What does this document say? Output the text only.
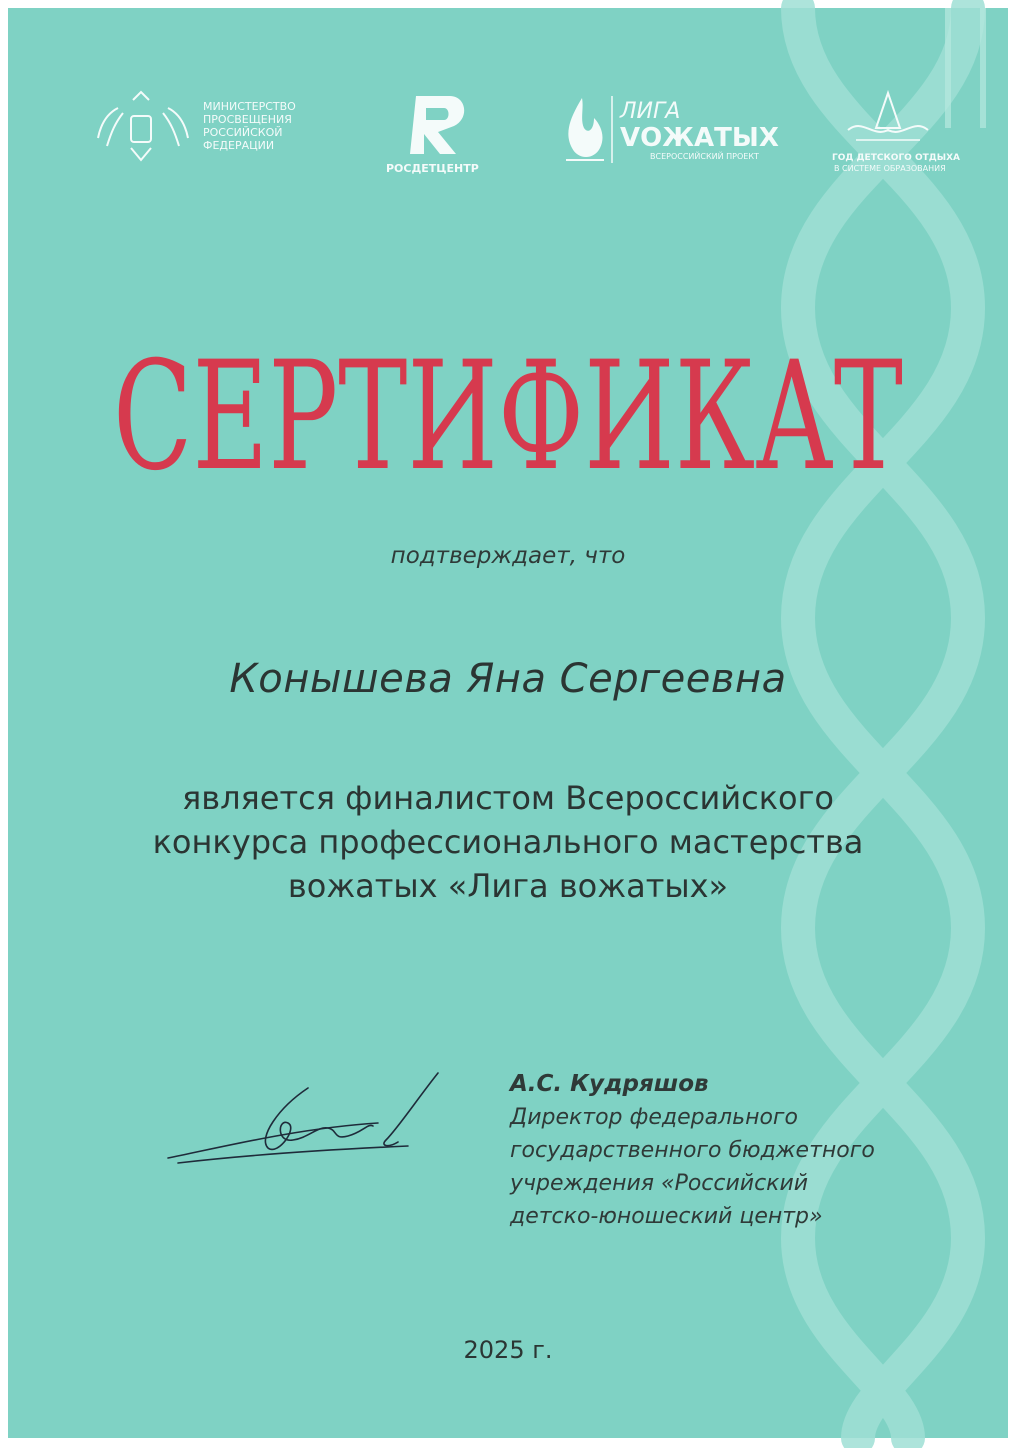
МИНИСТЕРСТВО
ПРОСВЕЩЕНИЯ
РОССИЙСКОЙ
ФЕДЕРАЦИИ
РОСДЕТЦЕНТР
ЛИГА
VОЖАТЫХ
ВСЕРОССИЙСКИЙ ПРОЕКТ	ГОД ДЕТСКОГО ОТДЫХА
В СИСТЕМЕ ОБРАЗОВАНИЯ
СЕРТИФИКАТ
подтверждает, что
Конышева Яна Сергеевна
является финалистом Всероссийского
конкурса профессионального мастерства
вожатых «Лига вожатых»
А.С. Кудряшов
Директор федерального
государственного бюджетного
учреждения «Российский
детско-юношеский центр»
2025 г.
